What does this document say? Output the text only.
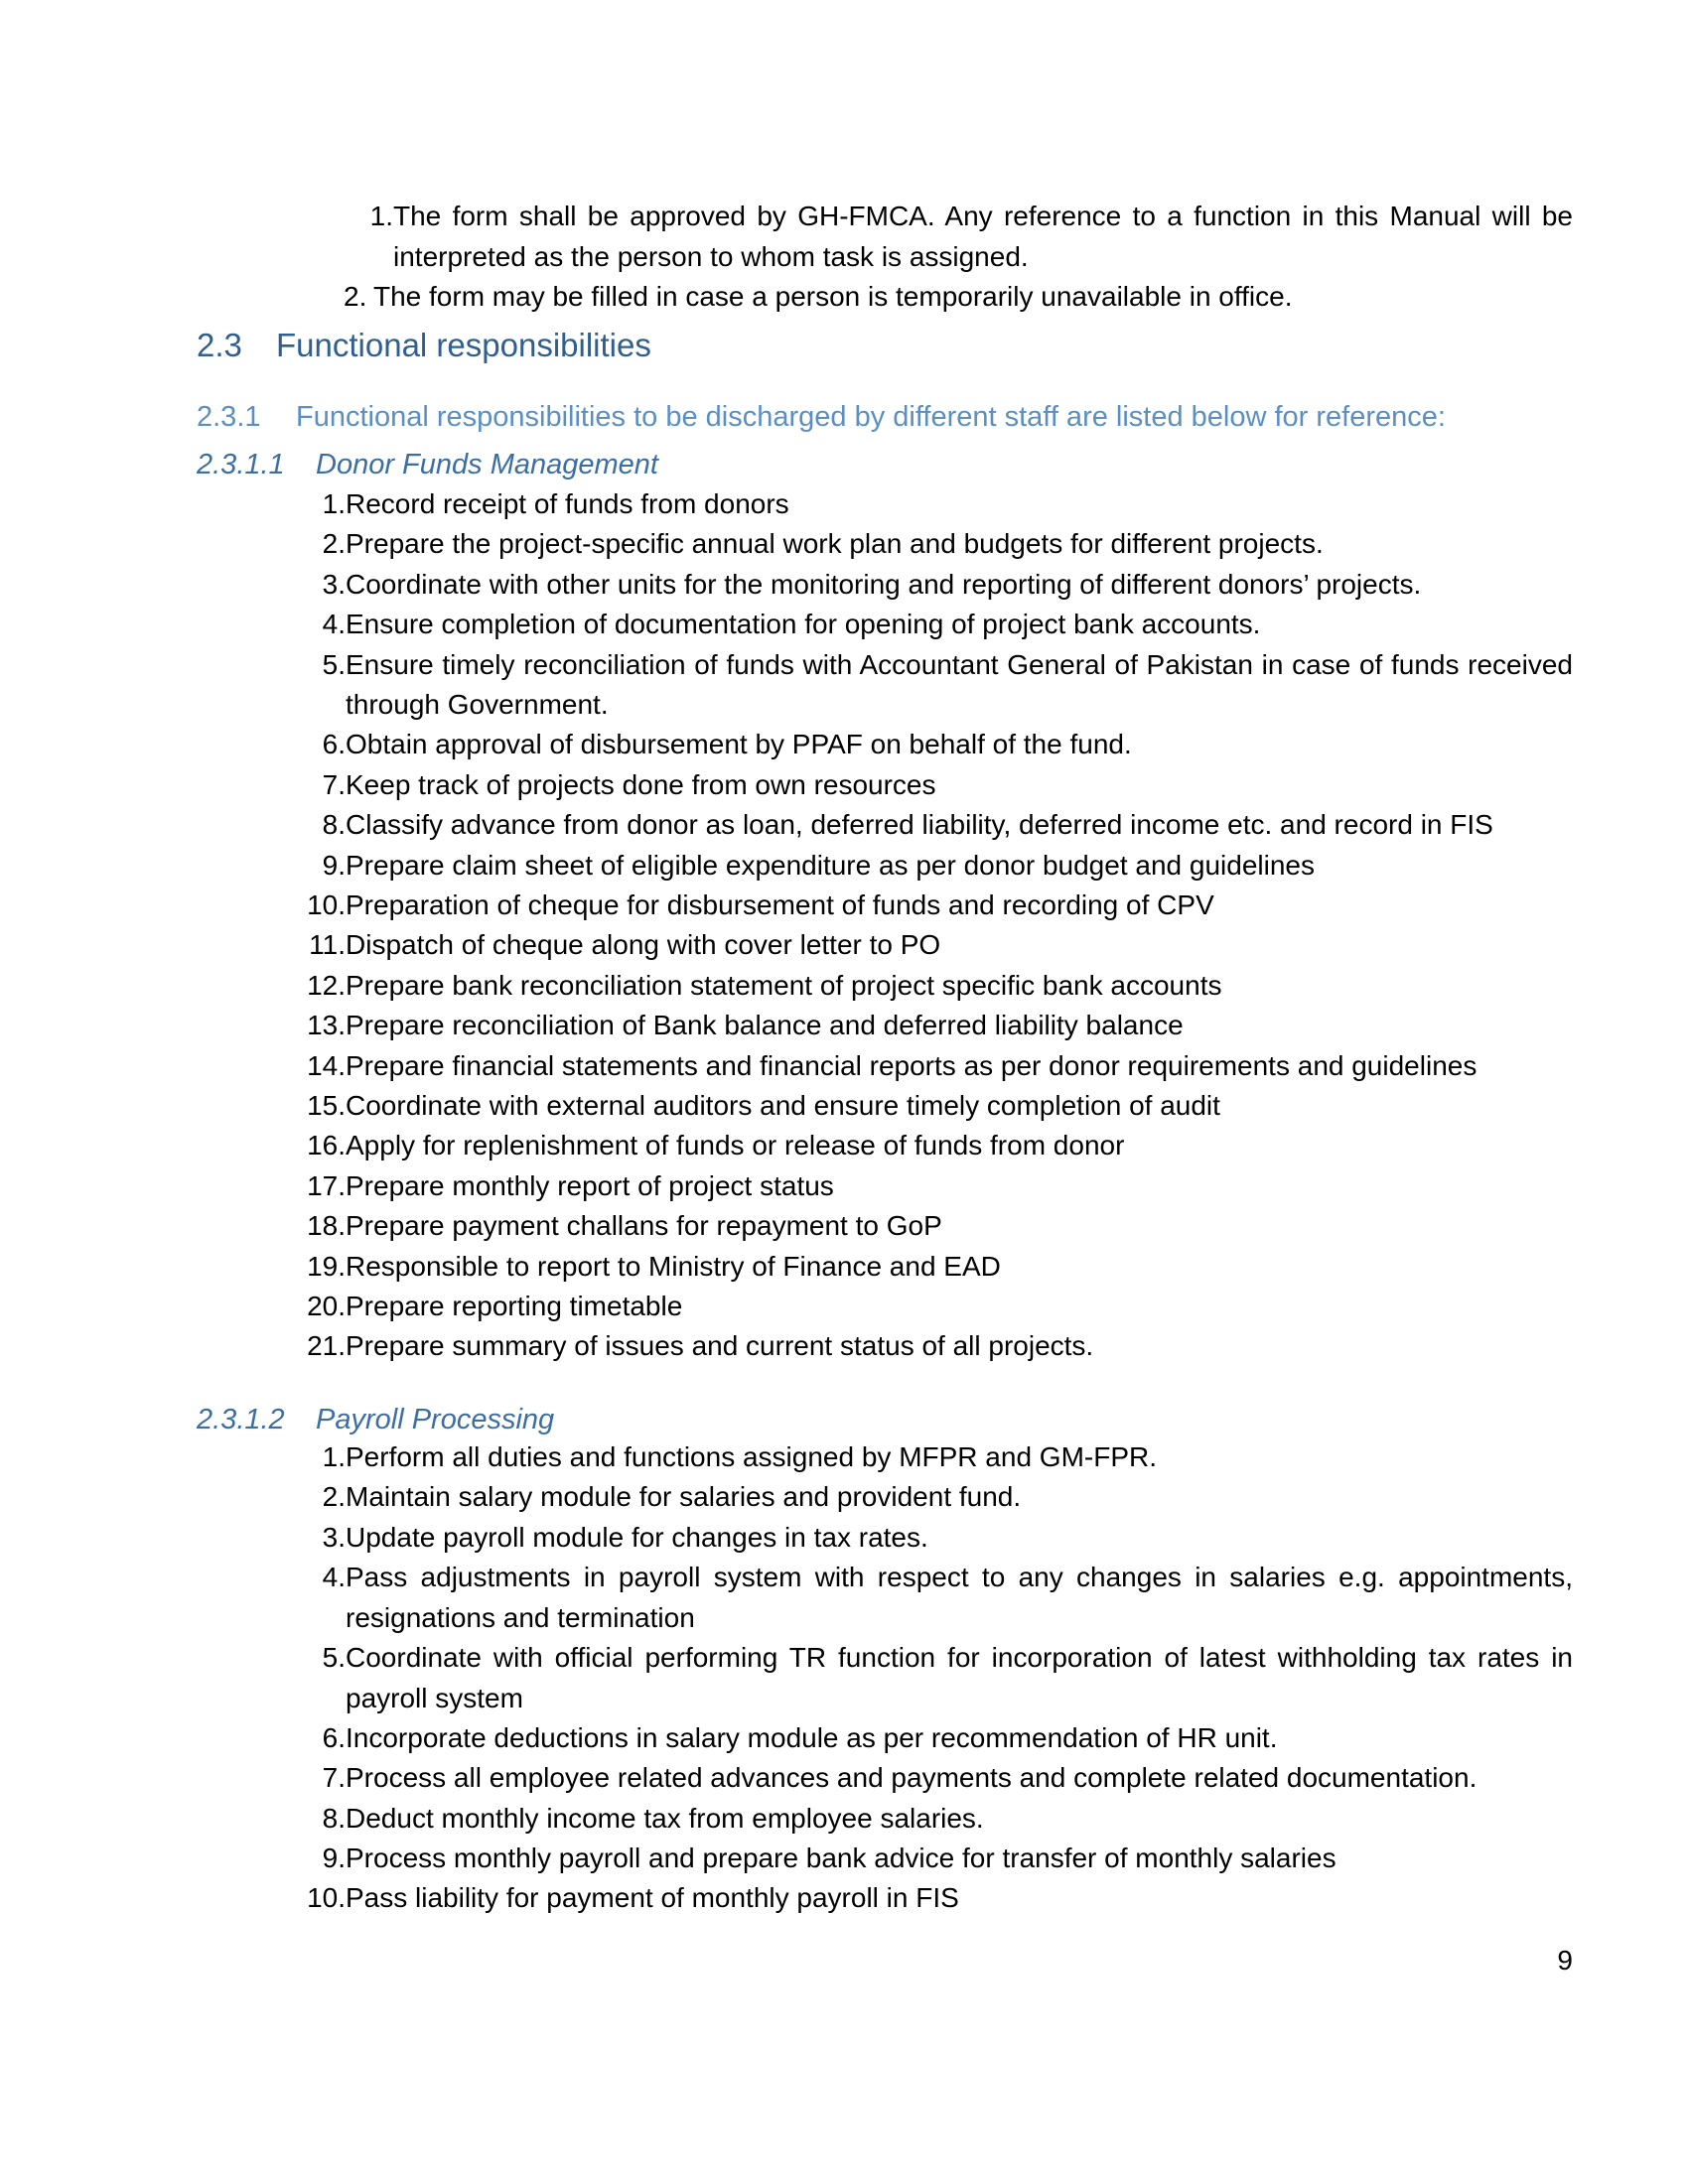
1. The form shall be approved by GH-FMCA. Any reference to a function in this Manual will be interpreted as the person to whom task is assigned.
2. The form may be filled in case a person is temporarily unavailable in office.
2.3 Functional responsibilities
2.3.1 Functional responsibilities to be discharged by different staff are listed below for reference:
2.3.1.1 Donor Funds Management
1. Record receipt of funds from donors
2. Prepare the project-specific annual work plan and budgets for different projects.
3. Coordinate with other units for the monitoring and reporting of different donors’ projects.
4. Ensure completion of documentation for opening of project bank accounts.
5. Ensure timely reconciliation of funds with Accountant General of Pakistan in case of funds received through Government.
6. Obtain approval of disbursement by PPAF on behalf of the fund.
7. Keep track of projects done from own resources
8. Classify advance from donor as loan, deferred liability, deferred income etc. and record in FIS
9. Prepare claim sheet of eligible expenditure as per donor budget and guidelines
10. Preparation of cheque for disbursement of funds and recording of CPV
11. Dispatch of cheque along with cover letter to PO
12. Prepare bank reconciliation statement of project specific bank accounts
13. Prepare reconciliation of Bank balance and deferred liability balance
14. Prepare financial statements and financial reports as per donor requirements and guidelines
15. Coordinate with external auditors and ensure timely completion of audit
16. Apply for replenishment of funds or release of funds from donor
17. Prepare monthly report of project status
18. Prepare payment challans for repayment to GoP
19. Responsible to report to Ministry of Finance and EAD
20. Prepare reporting timetable
21. Prepare summary of issues and current status of all projects.
2.3.1.2 Payroll Processing
1. Perform all duties and functions assigned by MFPR and GM-FPR.
2. Maintain salary module for salaries and provident fund.
3. Update payroll module for changes in tax rates.
4. Pass adjustments in payroll system with respect to any changes in salaries e.g. appointments, resignations and termination
5. Coordinate with official performing TR function for incorporation of latest withholding tax rates in payroll system
6. Incorporate deductions in salary module as per recommendation of HR unit.
7. Process all employee related advances and payments and complete related documentation.
8. Deduct monthly income tax from employee salaries.
9. Process monthly payroll and prepare bank advice for transfer of monthly salaries
10. Pass liability for payment of monthly payroll in FIS
9
